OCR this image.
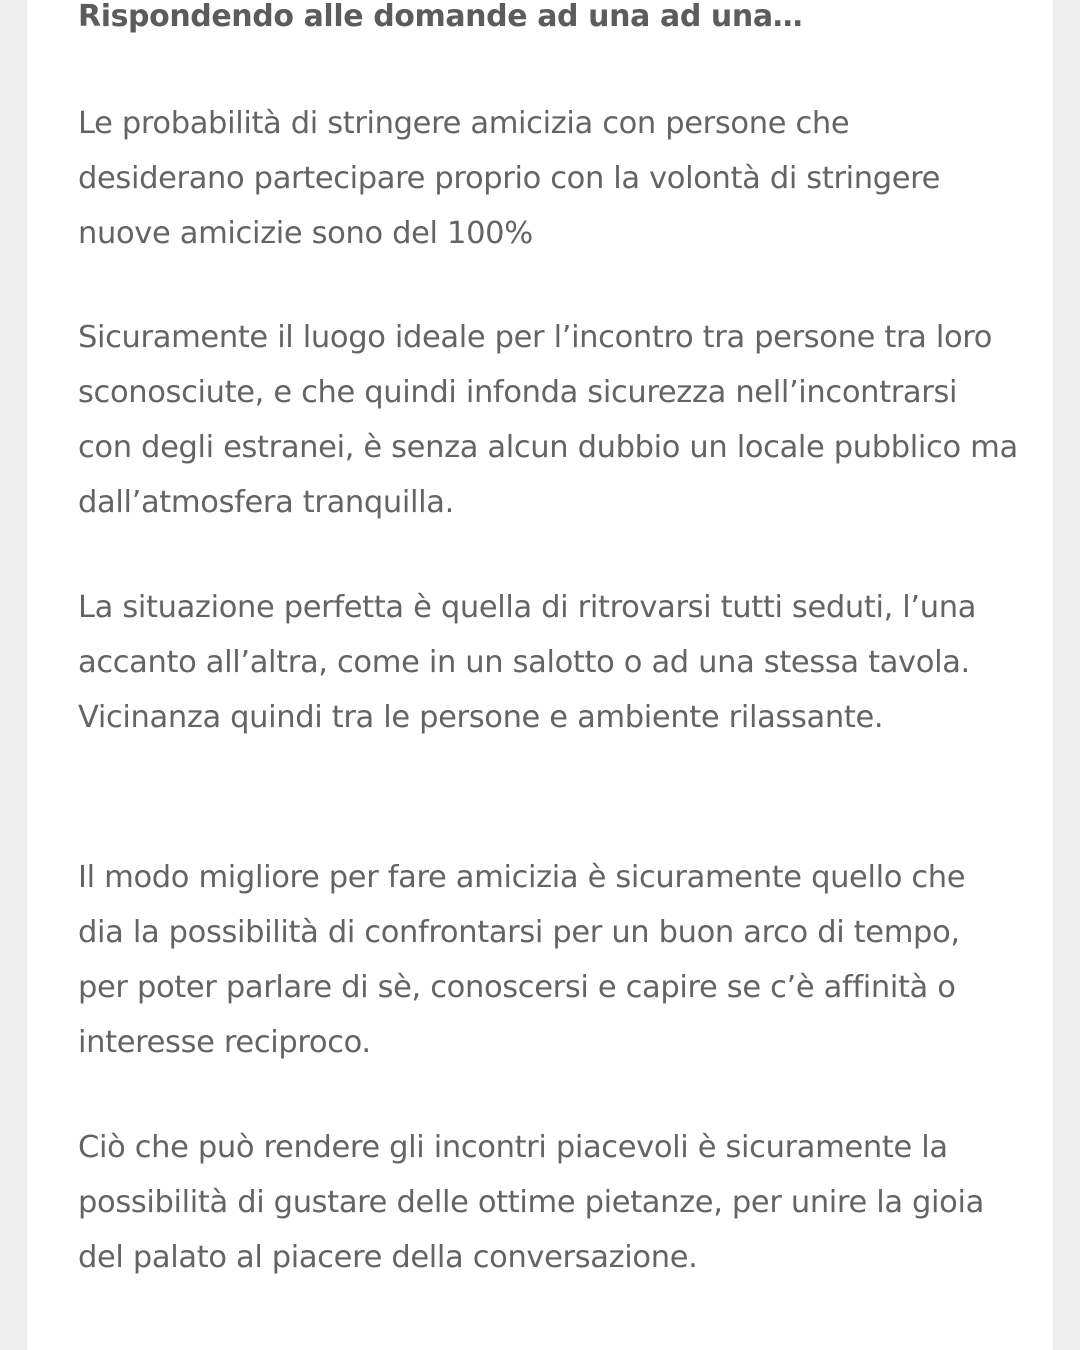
Rispondendo alle domande ad una ad una…

Le probabilità di stringere amicizia con persone che desiderano partecipare proprio con la volontà di stringere nuove amicizie sono del 100%

Sicuramente il luogo ideale per l’incontro tra persone tra loro sconosciute, e che quindi infonda sicurezza nell’incontrarsi con degli estranei, è senza alcun dubbio un locale pubblico ma dall’atmosfera tranquilla.

La situazione perfetta è quella di ritrovarsi tutti seduti, l’una accanto all’altra, come in un salotto o ad una stessa tavola. Vicinanza quindi tra le persone e ambiente rilassante.

Il modo migliore per fare amicizia è sicuramente quello che dia la possibilità di confrontarsi per un buon arco di tempo, per poter parlare di sè, conoscersi e capire se c’è affinità o interesse reciproco.

Ciò che può rendere gli incontri piacevoli è sicuramente la possibilità di gustare delle ottime pietanze, per unire la gioia del palato al piacere della conversazione.
